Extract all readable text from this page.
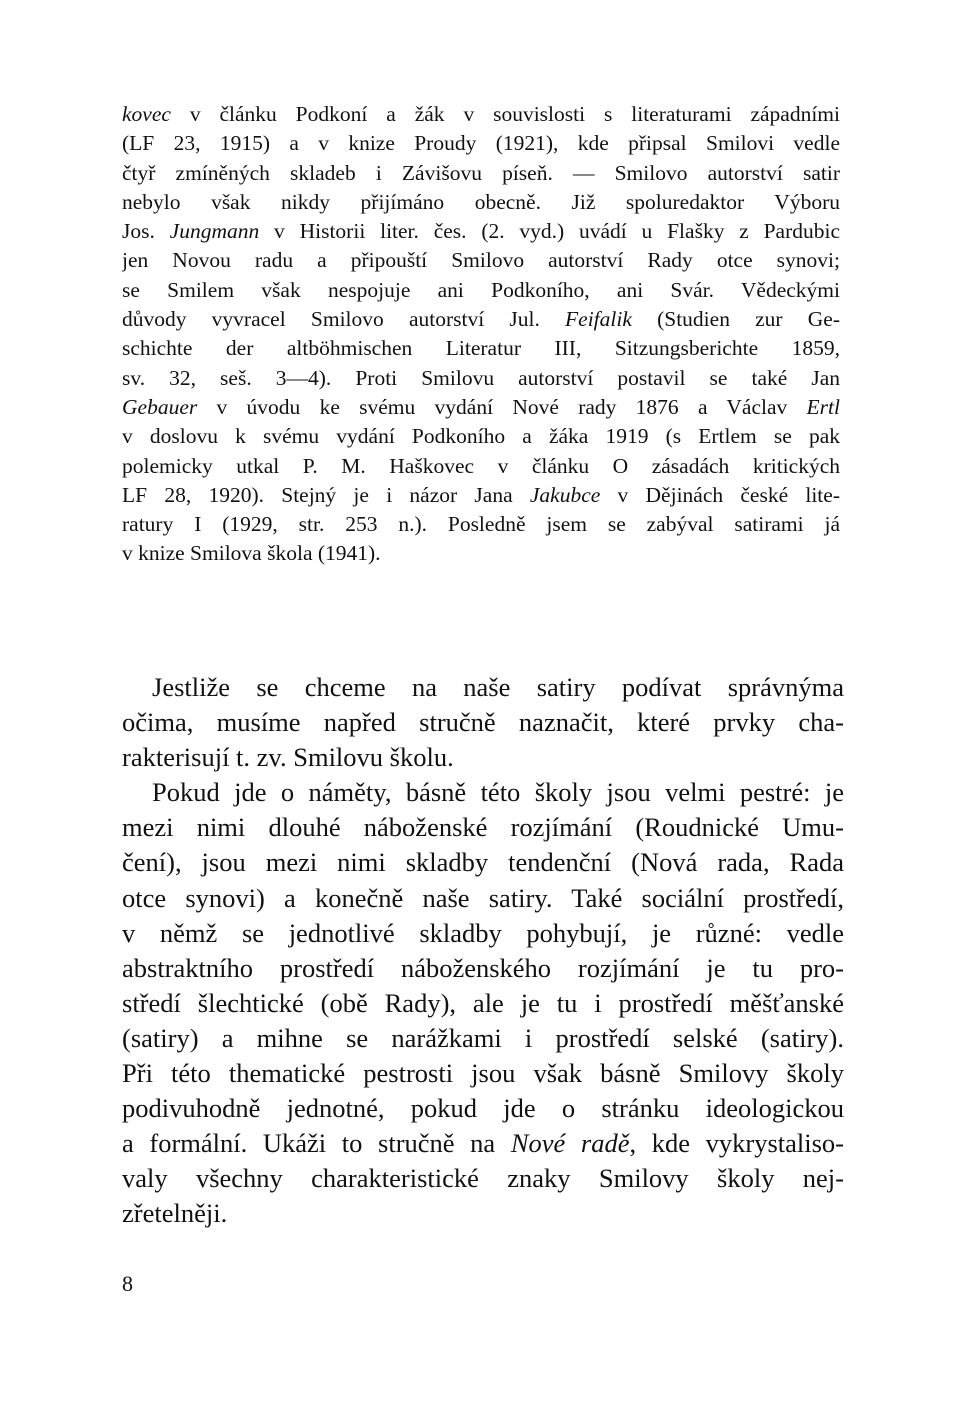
kovec v článku Podkoní a žák v souvislosti s literaturami západními
(LF 23, 1915) a v knize Proudy (1921), kde připsal Smilovi vedle
čtyř zmíněných skladeb i Závišovu píseň. — Smilovo autorství satir
nebylo však nikdy přijímáno obecně. Již spoluredaktor Výboru
Jos. Jungmann v Historii liter. čes. (2. vyd.) uvádí u Flašky z Pardubic
jen Novou radu a připouští Smilovo autorství Rady otce synovi;
se Smilem však nespojuje ani Podkoního, ani Svár. Vědeckými
důvody vyvracel Smilovo autorství Jul. Feifalik (Studien zur Ge-
schichte der altböhmischen Literatur III, Sitzungsberichte 1859,
sv. 32, seš. 3—4). Proti Smilovu autorství postavil se také Jan
Gebauer v úvodu ke svému vydání Nové rady 1876 a Václav Ertl
v doslovu k svému vydání Podkoního a žáka 1919 (s Ertlem se pak
polemicky utkal P. M. Haškovec v článku O zásadách kritických
LF 28, 1920). Stejný je i názor Jana Jakubce v Dějinách české lite-
ratury I (1929, str. 253 n.). Posledně jsem se zabýval satirami já
v knize Smilova škola (1941).
Jestliže se chceme na naše satiry podívat správnýma
očima, musíme napřed stručně naznačit, které prvky cha-
rakterisují t. zv. Smilovu školu.
Pokud jde o náměty, básně této školy jsou velmi pestré: je
mezi nimi dlouhé náboženské rozjímání (Roudnické Umu-
čení), jsou mezi nimi skladby tendenční (Nová rada, Rada
otce synovi) a konečně naše satiry. Také sociální prostředí,
v němž se jednotlivé skladby pohybují, je různé: vedle
abstraktního prostředí náboženského rozjímání je tu pro-
středí šlechtické (obě Rady), ale je tu i prostředí měšťanské
(satiry) a mihne se narážkami i prostředí selské (satiry).
Při této thematické pestrosti jsou však básně Smilovy školy
podivuhodně jednotné, pokud jde o stránku ideologickou
a formální. Ukáži to stručně na Nové radě, kde vykrystaliso-
valy všechny charakteristické znaky Smilovy školy nej-
zřetelněji.
8
